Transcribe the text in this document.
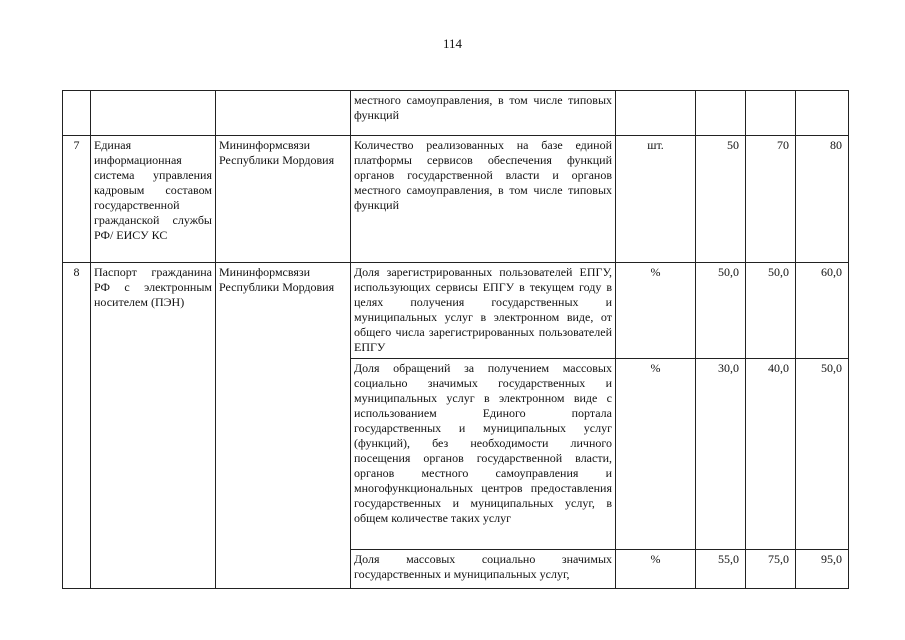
114
			местного самоуправления, в том числе типовых функций				
7	Единая информационная система управления кадровым составом государственной гражданской службы РФ/ ЕИСУ КС	Мининформсвязи Республики Мордовия	Количество реализованных на базе единой платформы сервисов обеспечения функций органов государственной власти и органов местного самоуправления, в том числе типовых функций	шт.	50	70	80
8	Паспорт гражданина РФ с электронным носителем (ПЭН)	Мининформсвязи Республики Мордовия	Доля зарегистрированных пользователей ЕПГУ, использующих сервисы ЕПГУ в текущем году в целях получения государственных и муниципальных услуг в электронном виде, от общего числа зарегистрированных пользователей ЕПГУ	%	50,0	50,0	60,0
			Доля обращений за получением массовых социально значимых государственных и муниципальных услуг в электронном виде с использованием Единого портала государственных и муниципальных услуг (функций), без необходимости личного посещения органов государственной власти, органов местного самоуправления и многофункциональных центров предоставления государственных и муниципальных услуг, в общем количестве таких услуг	%	30,0	40,0	50,0
			Доля массовых социально значимых государственных и муниципальных услуг,	%	55,0	75,0	95,0
